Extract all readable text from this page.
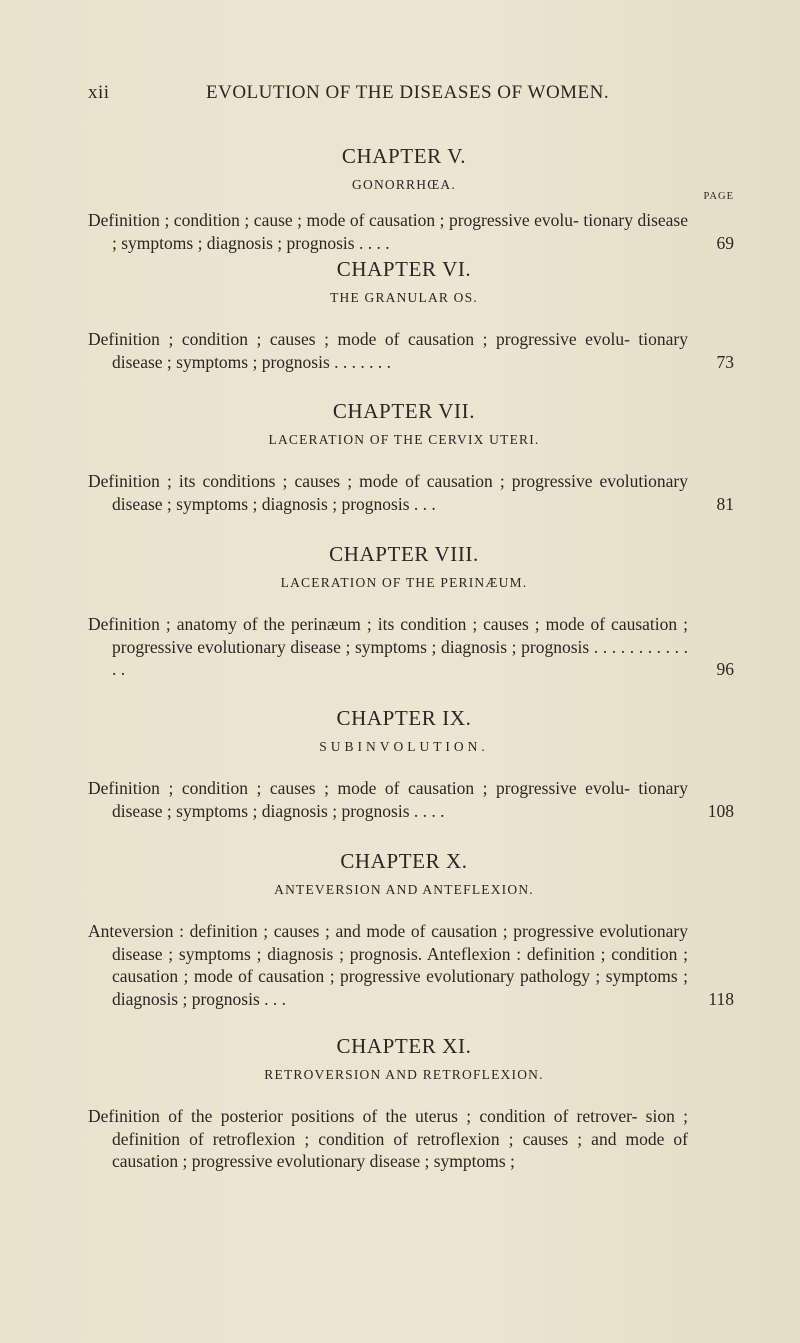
xii	EVOLUTION OF THE DISEASES OF WOMEN.
CHAPTER V.
GONORRHŒA.
PAGE
Definition ; condition ; cause ; mode of causation ; progressive evolu- tionary disease ; symptoms ; diagnosis ; prognosis . . . .	69
CHAPTER VI.
THE GRANULAR OS.
Definition ; condition ; causes ; mode of causation ; progressive evolu- tionary disease ; symptoms ; prognosis . . . . . . .	73
CHAPTER VII.
LACERATION OF THE CERVIX UTERI.
Definition ; its conditions ; causes ; mode of causation ; progressive evolutionary disease ; symptoms ; diagnosis ; prognosis . . .	81
CHAPTER VIII.
LACERATION OF THE PERINÆUM.
Definition ; anatomy of the perinæum ; its condition ; causes ; mode of causation ; progressive evolutionary disease ; symptoms ; diagnosis ; prognosis . . . . . . . . . . . . .	96
CHAPTER IX.
SUBINVOLUTION.
Definition ; condition ; causes ; mode of causation ; progressive evolu- tionary disease ; symptoms ; diagnosis ; prognosis . . . .	108
CHAPTER X.
ANTEVERSION AND ANTEFLEXION.
Anteversion : definition ; causes ; and mode of causation ; progressive evolutionary disease ; symptoms ; diagnosis ; prognosis. Anteflexion : definition ; condition ; causation ; mode of causation ; progressive evolutionary pathology ; symptoms ; diagnosis ; prognosis . . .	118
CHAPTER XI.
RETROVERSION AND RETROFLEXION.
Definition of the posterior positions of the uterus ; condition of retrover- sion ; definition of retroflexion ; condition of retroflexion ; causes ; and mode of causation ; progressive evolutionary disease ; symptoms ;
